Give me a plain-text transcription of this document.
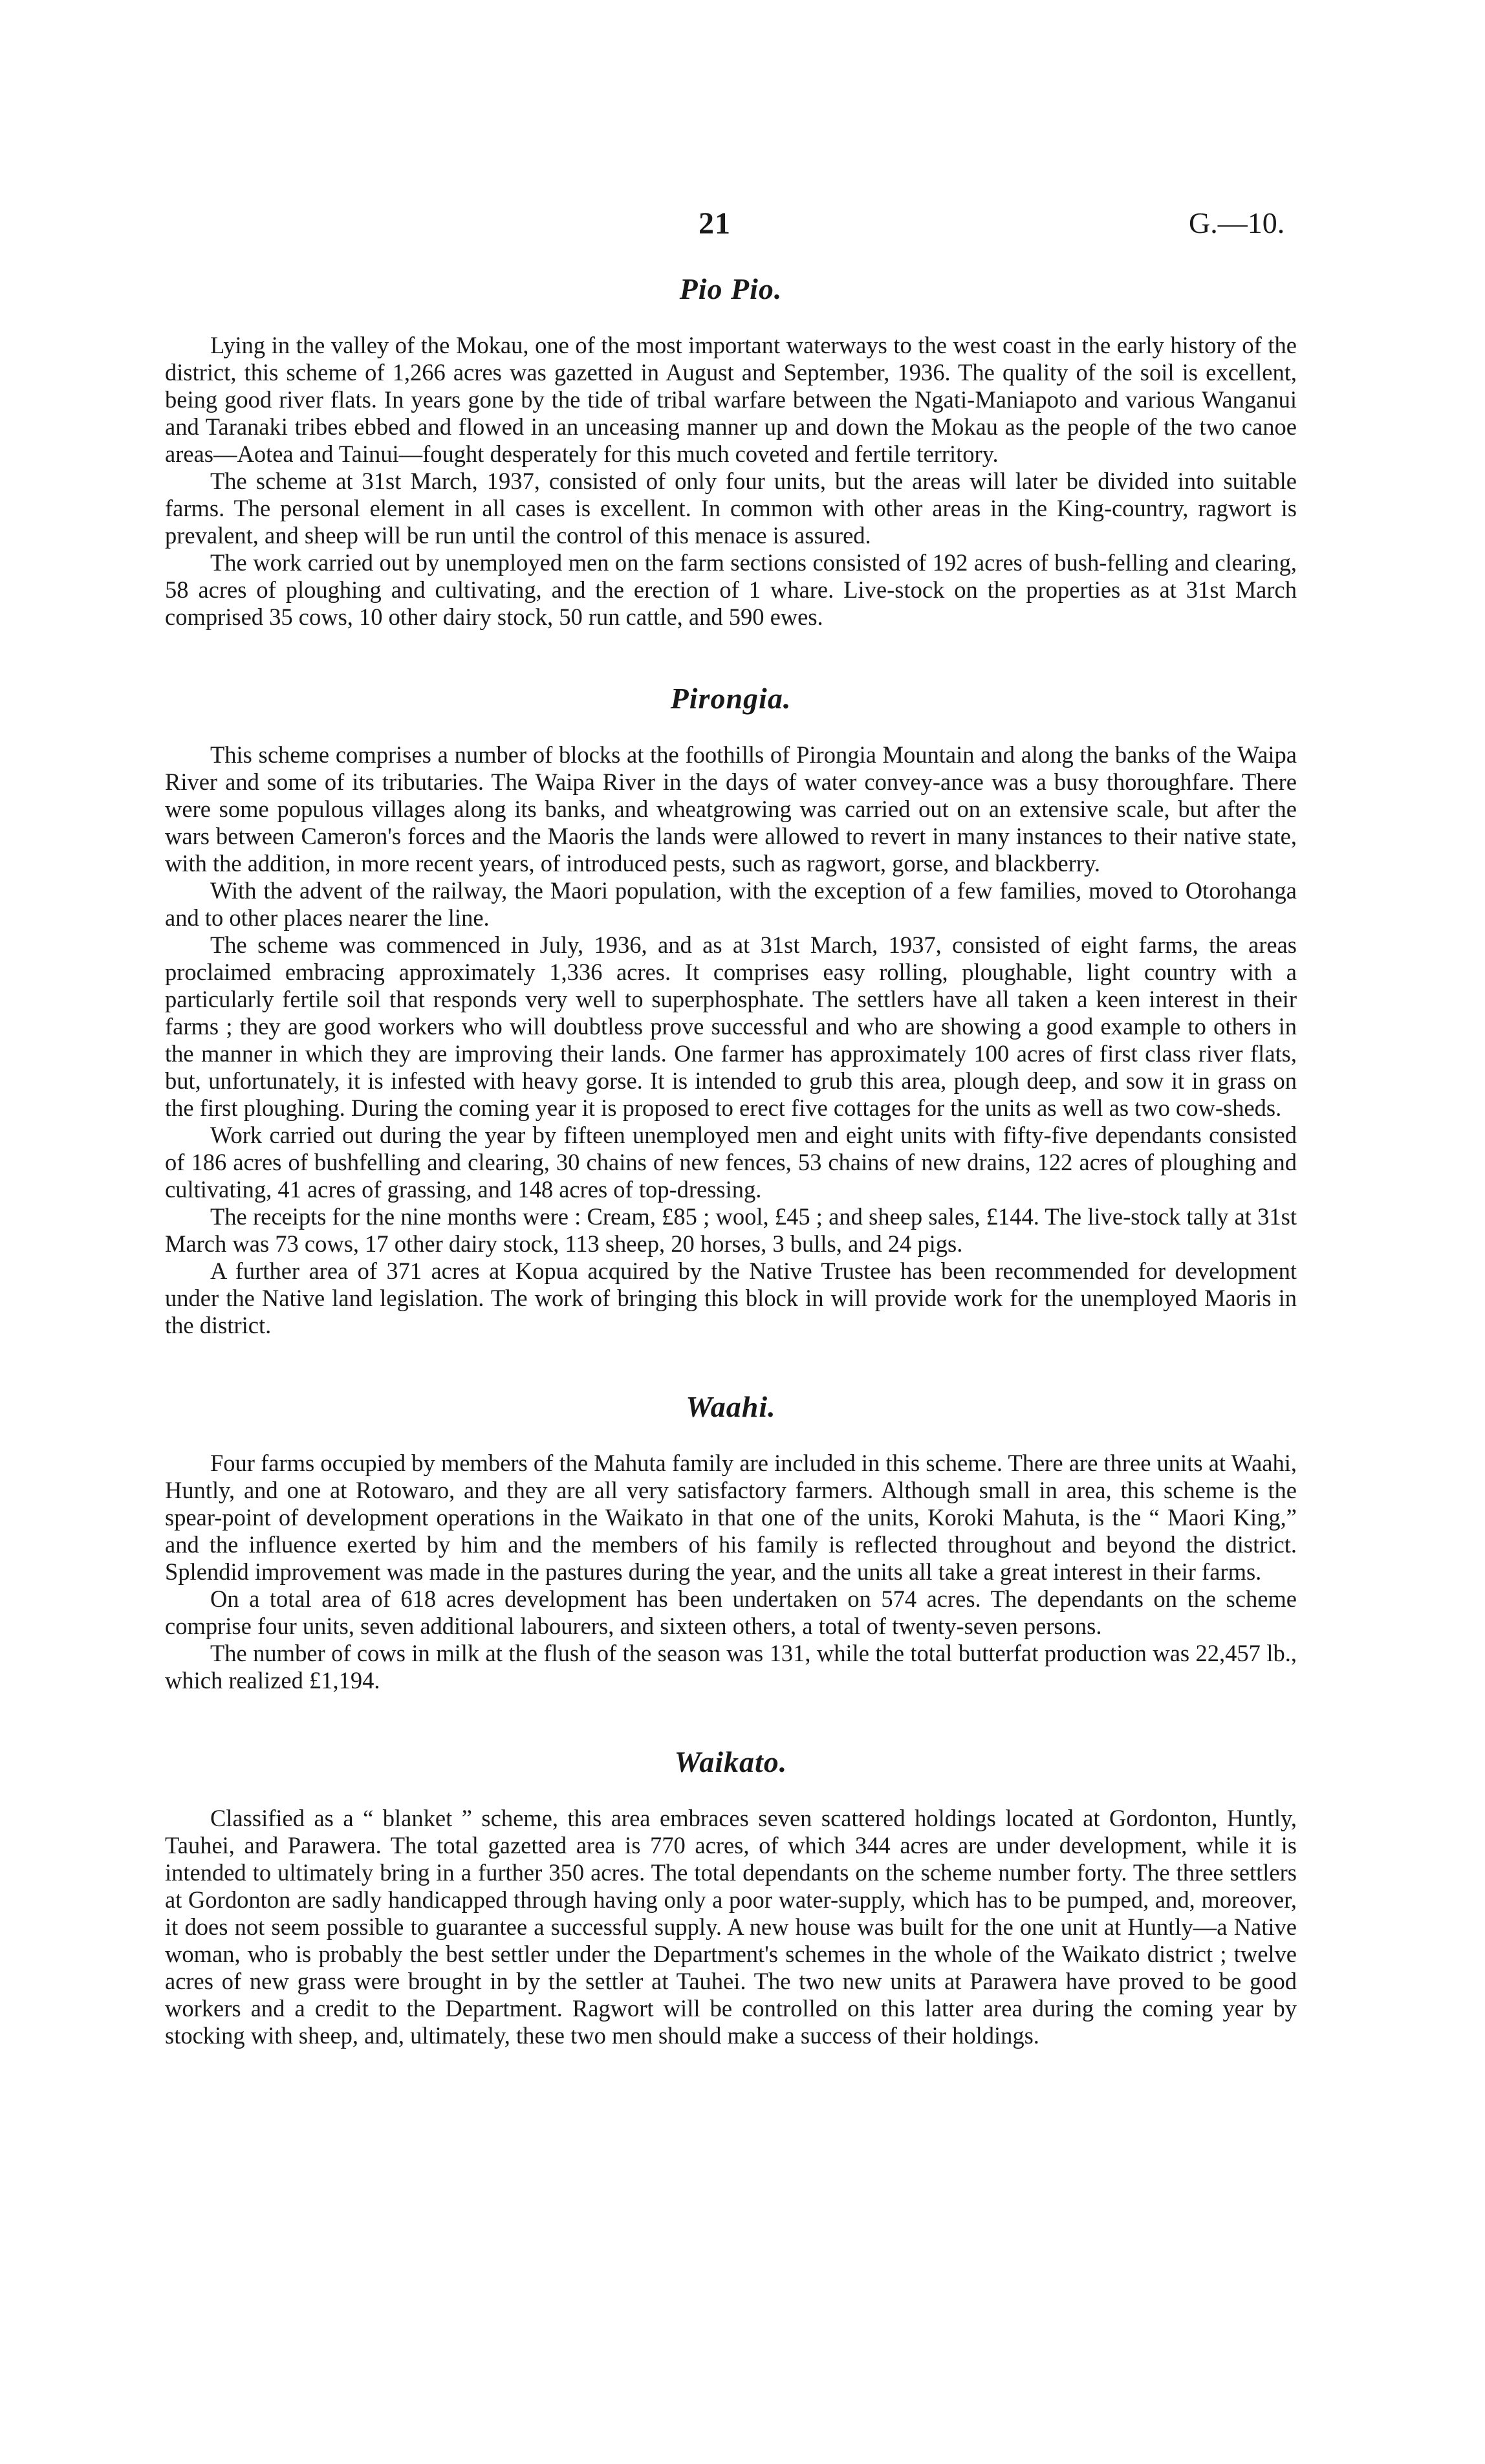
21	G.—10.
Pio Pio.

Lying in the valley of the Mokau, one of the most important waterways to the west coast in the early history of the district, this scheme of 1,266 acres was gazetted in August and September, 1936. The quality of the soil is excellent, being good river flats. In years gone by the tide of tribal warfare between the Ngati-Maniapoto and various Wanganui and Taranaki tribes ebbed and flowed in an unceasing manner up and down the Mokau as the people of the two canoe areas—Aotea and Tainui—fought desperately for this much coveted and fertile territory.

The scheme at 31st March, 1937, consisted of only four units, but the areas will later be divided into suitable farms. The personal element in all cases is excellent. In common with other areas in the King-country, ragwort is prevalent, and sheep will be run until the control of this menace is assured.

The work carried out by unemployed men on the farm sections consisted of 192 acres of bush-felling and clearing, 58 acres of ploughing and cultivating, and the erection of 1 whare. Live-stock on the properties as at 31st March comprised 35 cows, 10 other dairy stock, 50 run cattle, and 590 ewes.

Pirongia.

This scheme comprises a number of blocks at the foothills of Pirongia Mountain and along the banks of the Waipa River and some of its tributaries. The Waipa River in the days of water convey-ance was a busy thoroughfare. There were some populous villages along its banks, and wheatgrowing was carried out on an extensive scale, but after the wars between Cameron's forces and the Maoris the lands were allowed to revert in many instances to their native state, with the addition, in more recent years, of introduced pests, such as ragwort, gorse, and blackberry.

With the advent of the railway, the Maori population, with the exception of a few families, moved to Otorohanga and to other places nearer the line.

The scheme was commenced in July, 1936, and as at 31st March, 1937, consisted of eight farms, the areas proclaimed embracing approximately 1,336 acres. It comprises easy rolling, ploughable, light country with a particularly fertile soil that responds very well to superphosphate. The settlers have all taken a keen interest in their farms ; they are good workers who will doubtless prove successful and who are showing a good example to others in the manner in which they are improving their lands. One farmer has approximately 100 acres of first class river flats, but, unfortunately, it is infested with heavy gorse. It is intended to grub this area, plough deep, and sow it in grass on the first ploughing. During the coming year it is proposed to erect five cottages for the units as well as two cow-sheds.

Work carried out during the year by fifteen unemployed men and eight units with fifty-five dependants consisted of 186 acres of bushfelling and clearing, 30 chains of new fences, 53 chains of new drains, 122 acres of ploughing and cultivating, 41 acres of grassing, and 148 acres of top-dressing.

The receipts for the nine months were : Cream, £85 ; wool, £45 ; and sheep sales, £144. The live-stock tally at 31st March was 73 cows, 17 other dairy stock, 113 sheep, 20 horses, 3 bulls, and 24 pigs.

A further area of 371 acres at Kopua acquired by the Native Trustee has been recommended for development under the Native land legislation. The work of bringing this block in will provide work for the unemployed Maoris in the district.

Waahi.

Four farms occupied by members of the Mahuta family are included in this scheme. There are three units at Waahi, Huntly, and one at Rotowaro, and they are all very satisfactory farmers. Although small in area, this scheme is the spear-point of development operations in the Waikato in that one of the units, Koroki Mahuta, is the “ Maori King,” and the influence exerted by him and the members of his family is reflected throughout and beyond the district. Splendid improvement was made in the pastures during the year, and the units all take a great interest in their farms.

On a total area of 618 acres development has been undertaken on 574 acres. The dependants on the scheme comprise four units, seven additional labourers, and sixteen others, a total of twenty-seven persons.

The number of cows in milk at the flush of the season was 131, while the total butterfat production was 22,457 lb., which realized £1,194.

Waikato.

Classified as a “ blanket ” scheme, this area embraces seven scattered holdings located at Gordonton, Huntly, Tauhei, and Parawera. The total gazetted area is 770 acres, of which 344 acres are under development, while it is intended to ultimately bring in a further 350 acres. The total dependants on the scheme number forty. The three settlers at Gordonton are sadly handicapped through having only a poor water-supply, which has to be pumped, and, moreover, it does not seem possible to guarantee a successful supply. A new house was built for the one unit at Huntly—a Native woman, who is probably the best settler under the Department's schemes in the whole of the Waikato district ; twelve acres of new grass were brought in by the settler at Tauhei. The two new units at Parawera have proved to be good workers and a credit to the Department. Ragwort will be controlled on this latter area during the coming year by stocking with sheep, and, ultimately, these two men should make a success of their holdings.
